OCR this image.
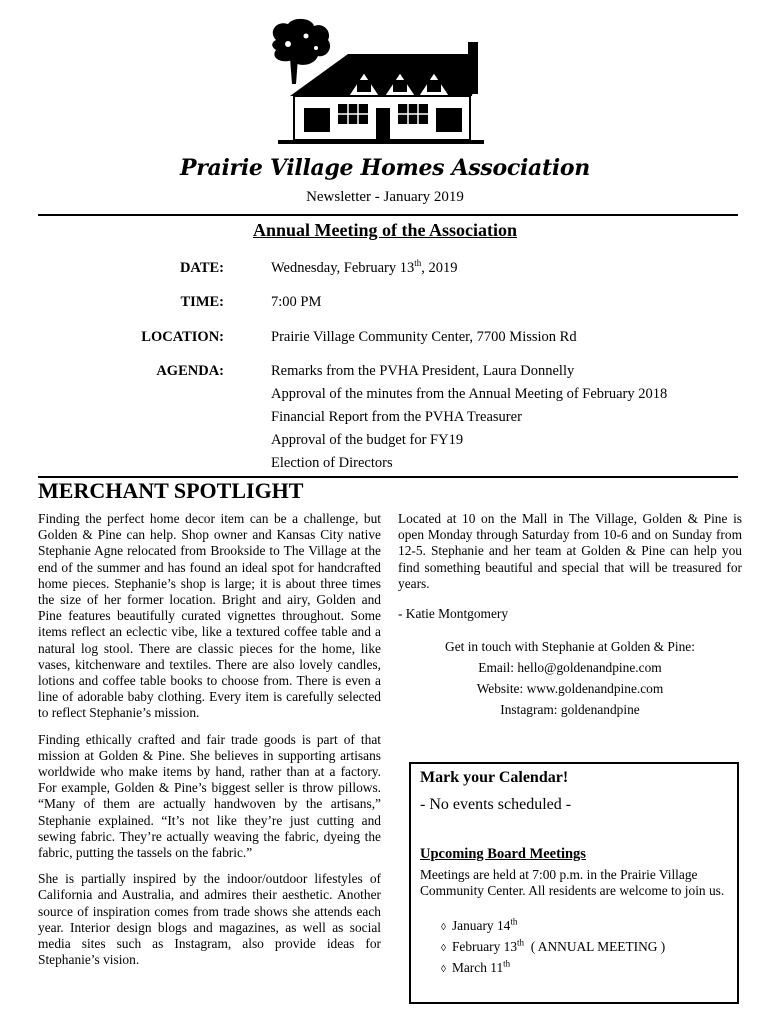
Prairie Village Homes Association
Newsletter - January 2019
Annual Meeting of the Association
DATE:	Wednesday, February 13th, 2019
TIME:	7:00 PM
LOCATION:	Prairie Village Community Center, 7700 Mission Rd
AGENDA:	Remarks from the PVHA President, Laura Donnelly
Approval of the minutes from the Annual Meeting of February 2018
Financial Report from the PVHA Treasurer
Approval of the budget for FY19
Election of Directors
MERCHANT SPOTLIGHT

Finding the perfect home decor item can be a challenge, but Golden & Pine can help. Shop owner and Kansas City native Stephanie Agne relocated from Brookside to The Village at the end of the summer and has found an ideal spot for handcrafted home pieces. Stephanie’s shop is large; it is about three times the size of her former location. Bright and airy, Golden and Pine features beautifully curated vignettes throughout. Some items reflect an eclectic vibe, like a textured coffee table and a natural log stool. There are classic pieces for the home, like vases, kitchenware and textiles. There are also lovely candles, lotions and coffee table books to choose from. There is even a line of adorable baby clothing. Every item is carefully selected to reflect Stephanie’s mission.

Finding ethically crafted and fair trade goods is part of that mission at Golden & Pine. She believes in supporting artisans worldwide who make items by hand, rather than at a factory. For example, Golden & Pine’s biggest seller is throw pillows. “Many of them are actually handwoven by the artisans,” Stephanie explained. “It’s not like they’re just cutting and sewing fabric. They’re actually weaving the fabric, dyeing the fabric, putting the tassels on the fabric.”

She is partially inspired by the indoor/outdoor lifestyles of California and Australia, and admires their aesthetic. Another source of inspiration comes from trade shows she attends each year. Interior design blogs and magazines, as well as social media sites such as Instagram, also provide ideas for Stephanie’s vision.

Located at 10 on the Mall in The Village, Golden & Pine is open Monday through Saturday from 10-6 and on Sunday from 12-5. Stephanie and her team at Golden & Pine can help you find something beautiful and special that will be treasured for years.

- Katie Montgomery

Get in touch with Stephanie at Golden & Pine:
Email: hello@goldenandpine.com
Website: www.goldenandpine.com
Instagram: goldenandpine
Mark your Calendar!
- No events scheduled -
Upcoming Board Meetings
Meetings are held at 7:00 p.m. in the Prairie Village Community Center. All residents are welcome to join us.
◊ January 14th
◊ February 13th  ( ANNUAL MEETING )
◊ March 11th
